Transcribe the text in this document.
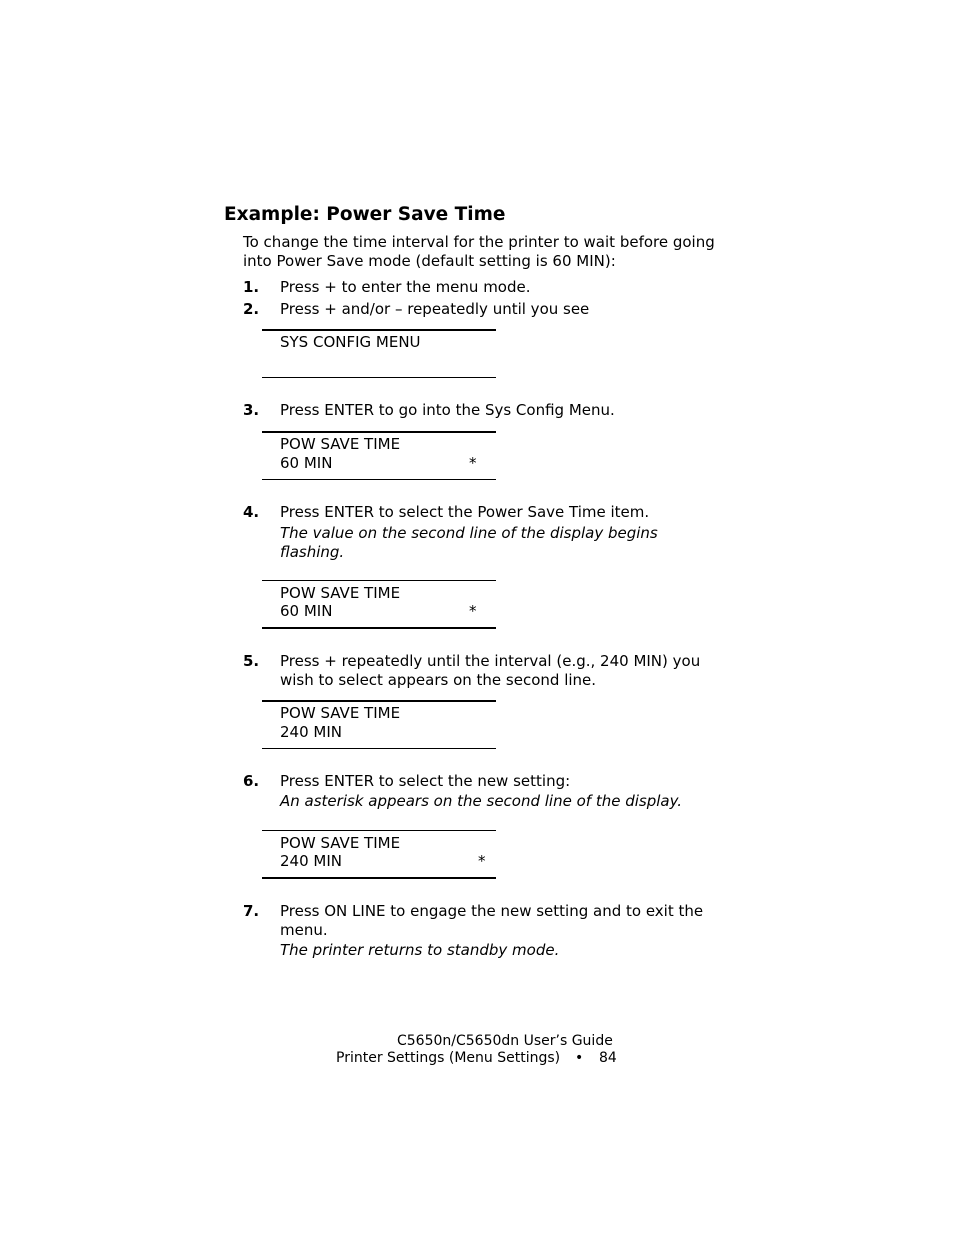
Example: Power Save Time
To change the time interval for the printer to wait before going
into Power Save mode (default setting is 60 MIN):
1. Press + to enter the menu mode.
2. Press + and/or – repeatedly until you see
SYS CONFIG MENU
3. Press ENTER to go into the Sys Config Menu.
POW SAVE TIME
60 MIN	*
4. Press ENTER to select the Power Save Time item.
The value on the second line of the display begins
flashing.
POW SAVE TIME
60 MIN	*
5. Press + repeatedly until the interval (e.g., 240 MIN) you
wish to select appears on the second line.
POW SAVE TIME
240 MIN
6. Press ENTER to select the new setting:
An asterisk appears on the second line of the display.
POW SAVE TIME
240 MIN	*
7. Press ON LINE to engage the new setting and to exit the
menu.
The printer returns to standby mode.
C5650n/C5650dn User’s Guide
Printer Settings (Menu Settings) • 84
